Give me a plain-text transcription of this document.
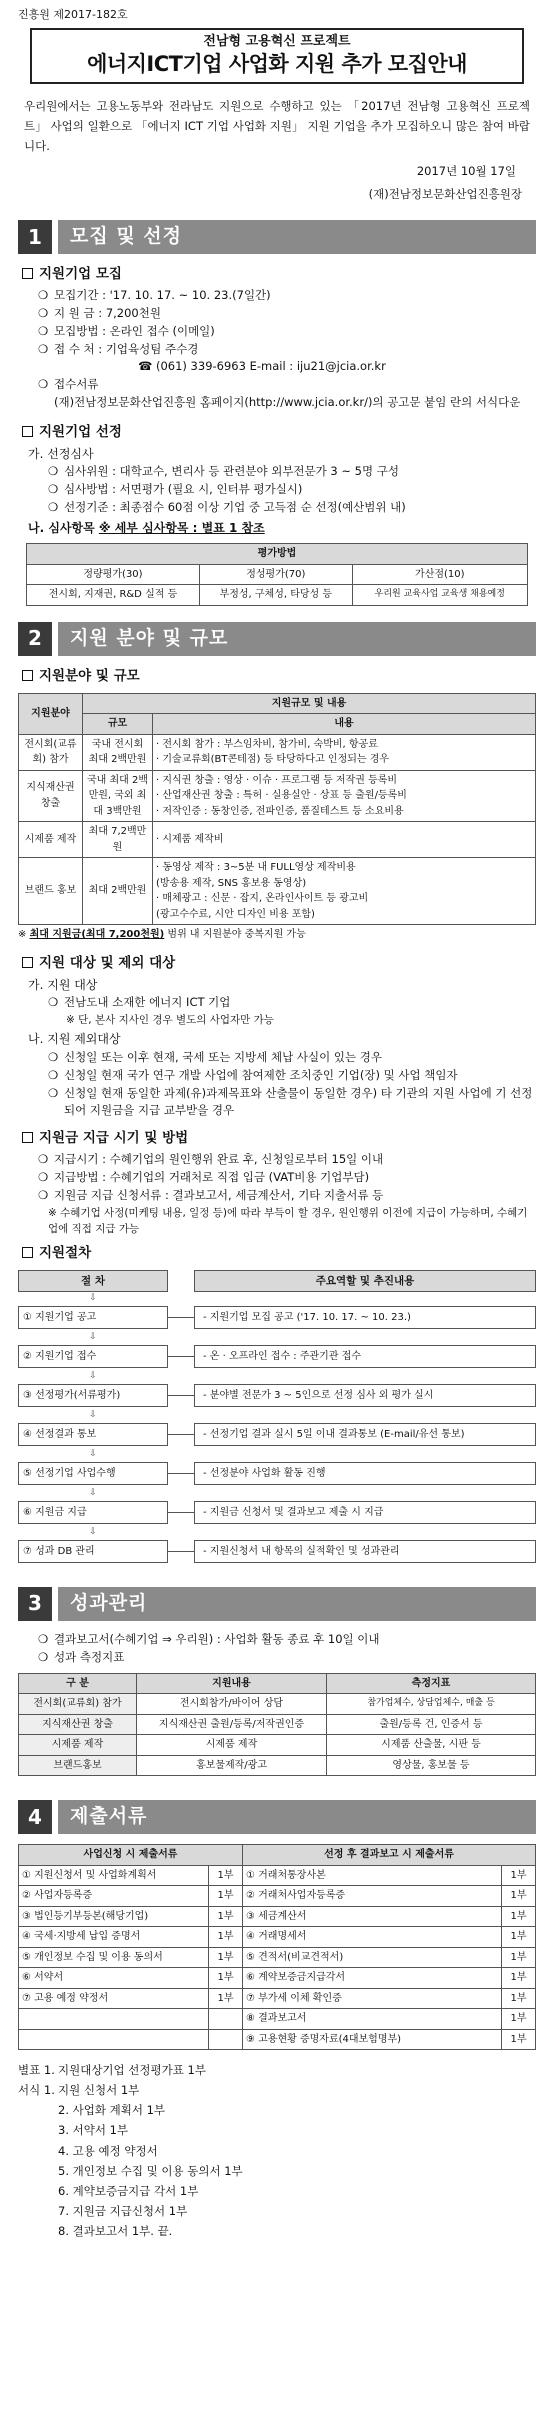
진흥원 제2017-182호
전남형 고용혁신 프로젝트
에너지ICT기업 사업화 지원 추가 모집안내
우리원에서는 고용노동부와 전라남도 지원으로 수행하고 있는 「2017년 전남형 고용혁신 프로젝트」 사업의 일환으로 「에너지 ICT 기업 사업화 지원」 지원 기업을 추가 모집하오니 많은 참여 바랍니다.
2017년 10월 17일
(재)전남정보문화산업진흥원장
1	모집 및 선정
지원기업 모집
❍ 모집기간 : '17. 10. 17. ~ 10. 23.(7일간)
❍ 지 원 금 : 7,200천원
❍ 모집방법 : 온라인 접수 (이메일)
❍ 접 수 처 : 기업육성팀 주수경
☎ (061) 339-6963 E-mail : iju21@jcia.or.kr
❍ 접수서류
(재)전남정보문화산업진흥원 홈페이지(http://www.jcia.or.kr/)의 공고문 붙임 란의 서식다운
지원기업 선정
가. 선정심사
❍ 심사위원 : 대학교수, 변리사 등 관련분야 외부전문가 3 ~ 5명 구성
❍ 심사방법 : 서면평가 (필요 시, 인터뷰 평가실시)
❍ 선정기준 : 최종점수 60점 이상 기업 중 고득점 순 선정(예산범위 내)
나. 심사항목 ※ 세부 심사항목 : 별표 1 참조
평가방법		
정량평가(30)	정성평가(70)	가산점(10)
전시회, 지재권, R&D 실적 등	부정성, 구체성, 타당성 등	우리원 교육사업 교육생 채용예정
2	지원 분야 및 규모
지원분야 및 규모
지원분야	지원규모 및 내용	
	규모	내용
전시회(교류회) 참가	국내 전시회 최대 2백만원	· 전시회 참가 : 부스임차비, 참가비, 숙박비, 항공료
· 기술교류회(BT콘테점) 등 타당하다고 인정되는 경우
지식재산권 창출	국내 최대 2백만원, 국외 최대 3백만원	· 지식권 창출 : 영상 · 이슈 · 프로그램 등 저작권 등록비
· 산업재산권 창출 : 특허 · 실용실안 · 상표 등 출원/등록비
· 저작인증 : 동창인증, 전파인증, 품질테스트 등 소요비용
시제품 제작	최대 7,2백만원	· 시제품 제작비
브랜드 홍보	최대 2백만원	· 동영상 제작 : 3~5분 내 FULL영상 제작비용
(방송용 제작, SNS 홍보용 동영상)
· 매체광고 : 신문 · 잡지, 온라인사이트 등 광고비
(광고수수료, 시안 디자인 비용 포함)
※ 최대 지원금(최대 7,200천원) 범위 내 지원분야 중복지원 가능
지원 대상 및 제외 대상
가. 지원 대상
❍ 전남도내 소재한 에너지 ICT 기업
※ 단, 본사 지사인 경우 별도의 사업자만 가능
나. 지원 제외대상
❍ 신청일 또는 이후 현재, 국세 또는 지방세 체납 사실이 있는 경우
❍ 신청일 현재 국가 연구 개발 사업에 참여제한 조치중인 기업(장) 및 사업 책임자
❍ 신청일 현재 동일한 과제(유)과제목표와 산출물이 동일한 경우) 타 기관의 지원 사업에 기 선정되어 지원금을 지급 교부받을 경우
지원금 지급 시기 및 방법
❍ 지급시기 : 수혜기업의 원인행위 완료 후, 신청일로부터 15일 이내
❍ 지급방법 : 수혜기업의 거래처로 직접 입금 (VAT비용 기업부담)
❍ 지원금 지급 신청서류 : 결과보고서, 세금계산서, 기타 지출서류 등
※ 수혜기업 사정(미케팅 내용, 일정 등)에 따라 부득이 할 경우, 원인행위 이전에 지급이 가능하며, 수혜기업에 직접 지급 가능
지원절차
절 차	주요역할 및 추진내용
⇩
① 지원기업 공고	- 지원기업 모집 공고 ('17. 10. 17. ~ 10. 23.)
⇩
② 지원기업 접수	- 온 · 오프라인 접수 : 주관기관 접수
⇩
③ 선정평가(서류평가)	- 분야별 전문가 3 ~ 5인으로 선정 심사 외 평가 실시
⇩
④ 선정결과 통보	- 선정기업 결과 실시 5일 이내 결과통보 (E-mail/유선 통보)
⇩
⑤ 선정기업 사업수행	- 선정분야 사업화 활동 진행
⇩
⑥ 지원금 지급	- 지원금 신청서 및 결과보고 제출 시 지급
⇩
⑦ 성과 DB 관리	- 지원신청서 내 항목의 실적확인 및 성과관리
3	성과관리
❍ 결과보고서(수혜기업 ⇒ 우리원) : 사업화 활동 종료 후 10일 이내
❍ 성과 측정지표
구 분	지원내용	측정지표
전시회(교류회) 참가	전시회참가/바이어 상담	참가업체수, 상담업체수, 매출 등
지식재산권 창출	지식재산권 출원/등록/저작권인증	출원/등록 건, 인증서 등
시제품 제작	시제품 제작	시제품 산출물, 시판 등
브랜드홍보	홍보물제작/광고	영상물, 홍보물 등
4	제출서류
사업신청 시 제출서류		선정 후 결과보고 시 제출서류	
① 지원신청서 및 사업화계획서	1부	① 거래처통장사본	1부
② 사업자등록증	1부	② 거래처사업자등록증	1부
③ 법인등기부등본(해당기업)	1부	③ 세금계산서	1부
④ 국세·지방세 납입 증명서	1부	④ 거래명세서	1부
⑤ 개인정보 수집 및 이용 동의서	1부	⑤ 견적서(비교견적서)	1부
⑥ 서약서	1부	⑥ 계약보증금지급각서	1부
⑦ 고용 예정 약정서	1부	⑦ 부가세 이체 확인증	1부
		⑧ 결과보고서	1부
		⑨ 고용현황 증명자료(4대보험명부)	1부
별표 1. 지원대상기업 선정평가표 1부
서식 1. 지원 신청서 1부
2. 사업화 계획서 1부
3. 서약서 1부
4. 고용 예정 약정서
5. 개인정보 수집 및 이용 동의서 1부
6. 계약보증금지급 각서 1부
7. 지원금 지급신청서 1부
8. 결과보고서 1부. 끝.
